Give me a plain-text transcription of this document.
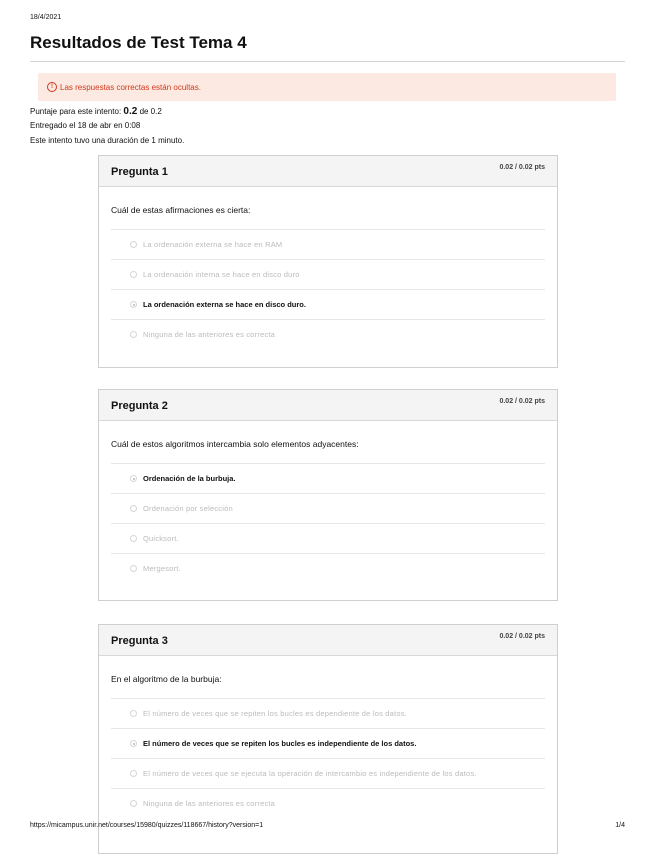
18/4/2021
Resultados de Test Tema 4
! Las respuestas correctas están ocultas.
Puntaje para este intento: 0.2 de 0.2
Entregado el 18 de abr en 0:08
Este intento tuvo una duración de 1 minuto.
Pregunta 1	0.02 / 0.02 pts
Cuál de estas afirmaciones es cierta:
La ordenación externa se hace en RAM
La ordenación interna se hace en disco duro
La ordenación externa se hace en disco duro.
Ninguna de las anteriores es correcta
Pregunta 2	0.02 / 0.02 pts
Cuál de estos algoritmos intercambia solo elementos adyacentes:
Ordenación de la burbuja.
Ordenación por selección
Quicksort.
Mergesort.
Pregunta 3	0.02 / 0.02 pts
En el algoritmo de la burbuja:
El número de veces que se repiten los bucles es dependiente de los datos.
El número de veces que se repiten los bucles es independiente de los datos.
El número de veces que se ejecuta la operación de intercambio es independiente de los datos.
Ninguna de las anteriores es correcta
https://micampus.unir.net/courses/15980/quizzes/118667/history?version=1	1/4
